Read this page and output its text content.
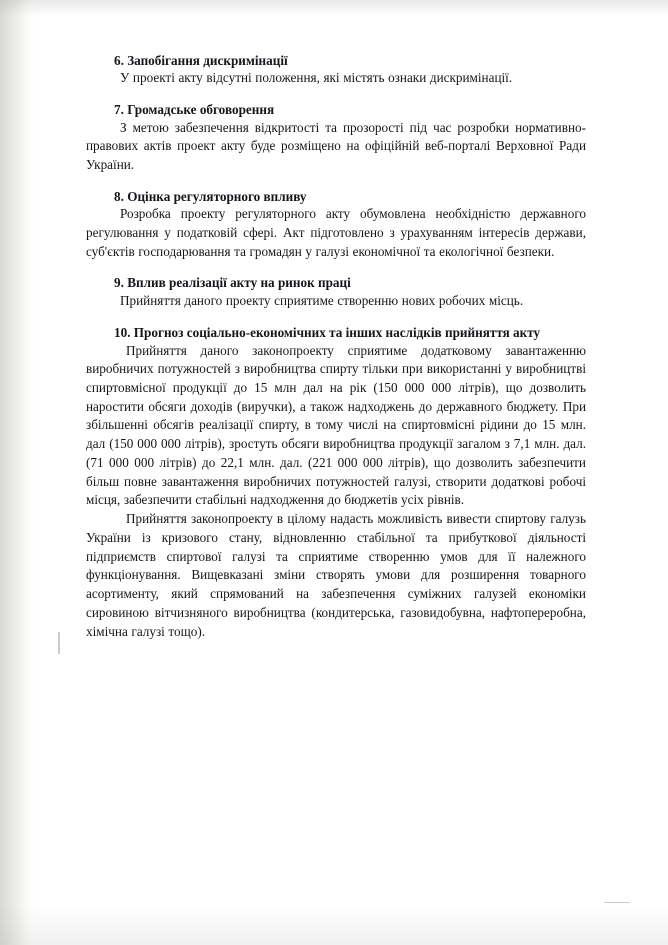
6. Запобігання дискримінації

У проекті акту відсутні положення, які містять ознаки дискримінації.

7. Громадське обговорення

З метою забезпечення відкритості та прозорості під час розробки нормативно-правових актів проект акту буде розміщено на офіційній веб-порталі Верховної Ради України.

8. Оцінка регуляторного впливу

Розробка проекту регуляторного акту обумовлена необхідністю державного регулювання у податковій сфері. Акт підготовлено з урахуванням інтересів держави, суб'єктів господарювання та громадян у галузі економічної та екологічної безпеки.

9. Вплив реалізації акту на ринок праці

Прийняття даного проекту сприятиме створенню нових робочих місць.

10. Прогноз соціально-економічних та інших наслідків прийняття акту

Прийняття даного законопроекту сприятиме додатковому завантаженню виробничих потужностей з виробництва спирту тільки при використанні у виробництві спиртовмісної продукції до 15 млн дал на рік (150 000 000 літрів), що дозволить наростити обсяги доходів (виручки), а також надходжень до державного бюджету. При збільшенні обсягів реалізації спирту, в тому числі на спиртовмісні рідини до 15 млн. дал (150 000 000 літрів), зростуть обсяги виробництва продукції загалом з 7,1 млн. дал. (71 000 000 літрів) до 22,1 млн. дал. (221 000 000 літрів), що дозволить забезпечити більш повне завантаження виробничих потужностей галузі, створити додаткові робочі місця, забезпечити стабільні надходження до бюджетів усіх рівнів.

Прийняття законопроекту в цілому надасть можливість вивести спиртову галузь України із кризового стану, відновленню стабільної та прибуткової діяльності підприємств спиртової галузі та сприятиме створенню умов для її належного функціонування. Вищевказані зміни створять умови для розширення товарного асортименту, який спрямований на забезпечення суміжних галузей економіки сировиною вітчизняного виробництва (кондитерська, газовидобувна, нафтопереробна, хімічна галузі тощо).
